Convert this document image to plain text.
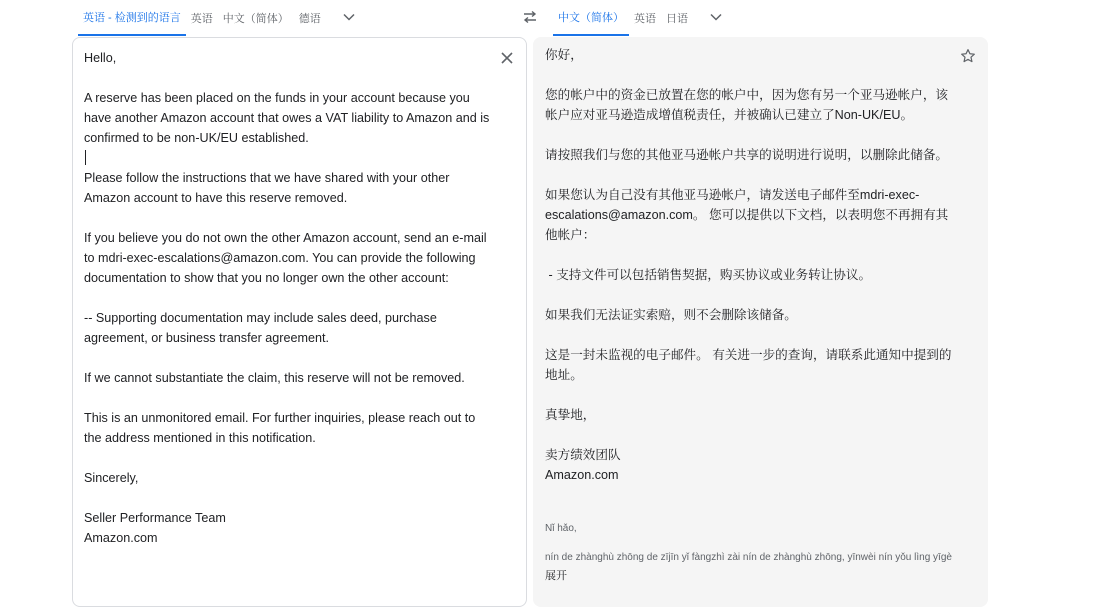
英语 - 检测到的语言 英语 中文（简体） 德语	中文（简体） 英语 日语
Hello,

A reserve has been placed on the funds in your account because you have another Amazon account that owes a VAT liability to Amazon and is confirmed to be non-UK/EU established.

Please follow the instructions that we have shared with your other Amazon account to have this reserve removed.

If you believe you do not own the other Amazon account, send an e-mail to mdri-exec-escalations@amazon.com. You can provide the following documentation to show that you no longer own the other account:

-- Supporting documentation may include sales deed, purchase agreement, or business transfer agreement.

If we cannot substantiate the claim, this reserve will not be removed.

This is an unmonitored email. For further inquiries, please reach out to the address mentioned in this notification.

Sincerely,

Seller Performance Team
Amazon.com
你好，

您的帐户中的资金已放置在您的帐户中，因为您有另一个亚马逊帐户，该帐户应对亚马逊造成增值税责任，并被确认已建立了Non-UK/EU。

请按照我们与您的其他亚马逊帐户共享的说明进行说明，以删除此储备。

如果您认为自己没有其他亚马逊帐户，请发送电子邮件至mdri-exec-escalations@amazon.com。 您可以提供以下文档，以表明您不再拥有其他帐户：

- 支持文件可以包括销售契据，购买协议或业务转让协议。

如果我们无法证实索赔，则不会删除该储备。

这是一封未监视的电子邮件。 有关进一步的查询，请联系此通知中提到的地址。

真挚地，

卖方绩效团队
Amazon.com
Nǐ hǎo,
nín de zhànghù zhōng de zījīn yǐ fàngzhì zài nín de zhànghù zhōng, yīnwèi nín yǒu lìng yīgè
展开
